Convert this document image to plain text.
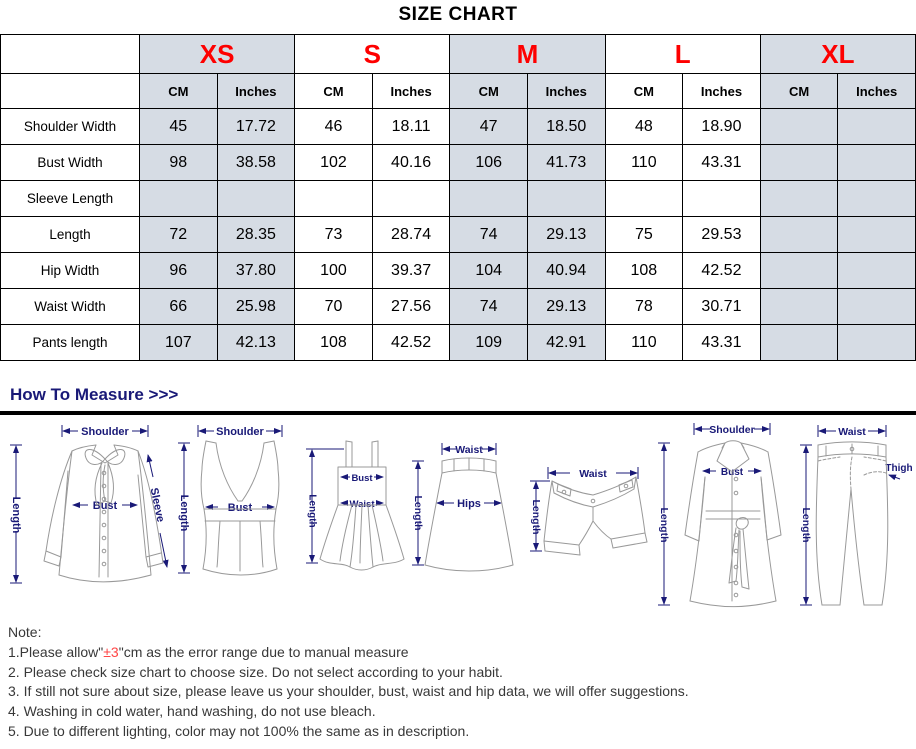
SIZE CHART
	XS		S		M		L		XL	
	CM	Inches	CM	Inches	CM	Inches	CM	Inches	CM	Inches
Shoulder Width	45	17.72	46	18.11	47	18.50	48	18.90		
Bust Width	98	38.58	102	40.16	106	41.73	110	43.31		
Sleeve Length										
Length	72	28.35	73	28.74	74	29.13	75	29.53		
Hip Width	96	37.80	100	39.37	104	40.94	108	42.52		
Waist Width	66	25.98	70	27.56	74	29.13	78	30.71		
Pants length	107	42.13	108	42.52	109	42.91	110	43.31		
How To Measure >>>
Shoulder
Length	Bust	Sleeve
Shoulder
Length	Bust	Length
Bust
Waist
Waist
Length	Hips
Waist
Length
Shoulder
Length
Bust
Waist
Length
Thigh
Note:
1.Please allow"±3"cm as the error range due to manual measure
2. Please check size chart to choose size. Do not select according to your habit.
3. If still not sure about size, please leave us your shoulder, bust, waist and hip data, we will offer suggestions.
4. Washing in cold water, hand washing, do not use bleach.
5. Due to different lighting, color may not 100% the same as in description.
